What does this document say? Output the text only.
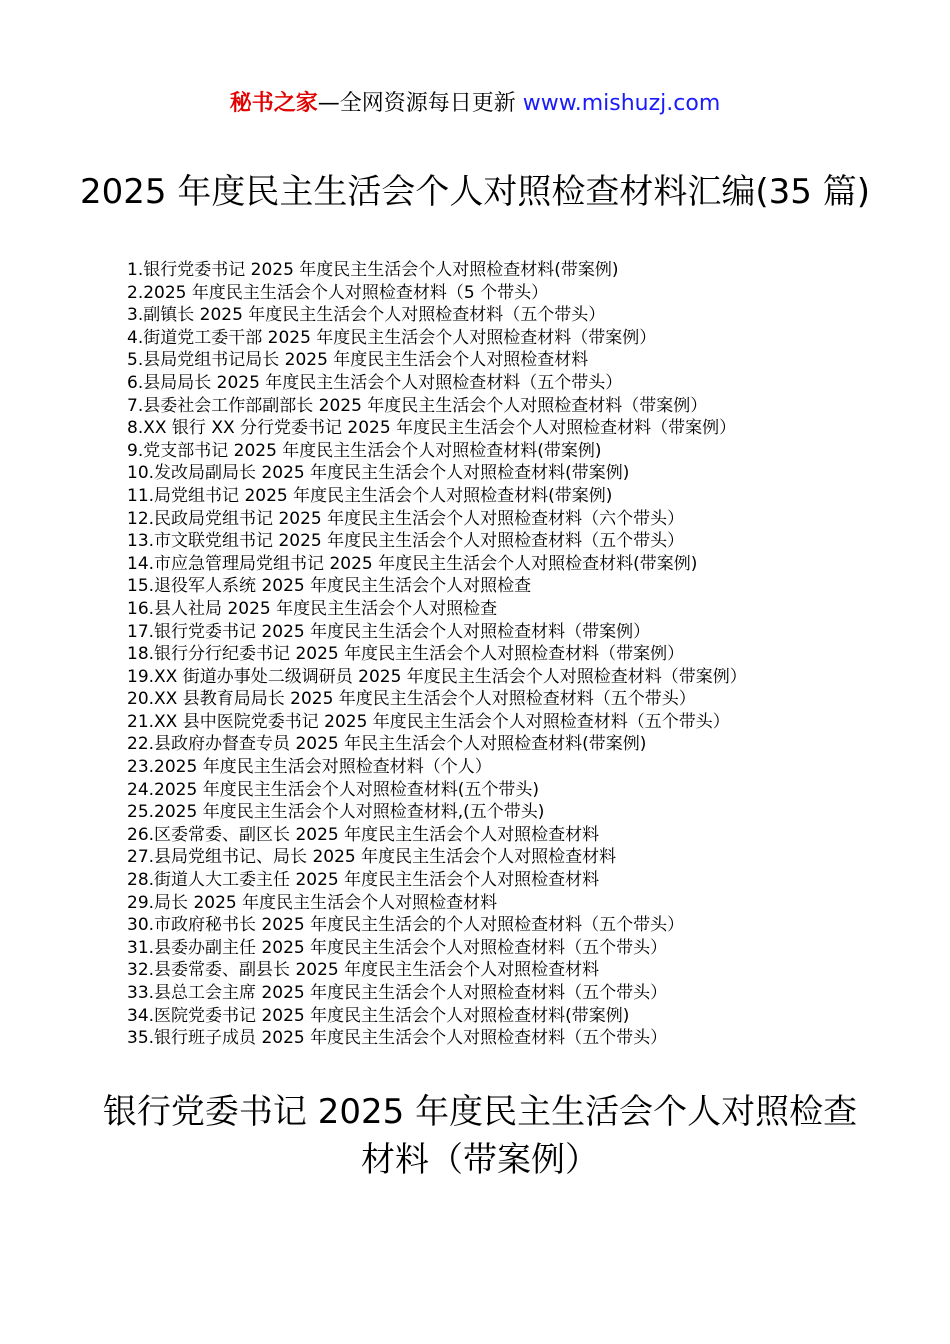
秘书之家—全网资源每日更新 www.mishuzj.com
2025 年度民主生活会个人对照检查材料汇编(35 篇)
1.银行党委书记 2025 年度民主生活会个人对照检查材料(带案例)
2.2025 年度民主生活会个人对照检查材料（5 个带头）
3.副镇长 2025 年度民主生活会个人对照检查材料（五个带头）
4.街道党工委干部 2025 年度民主生活会个人对照检查材料（带案例）
5.县局党组书记局长 2025 年度民主生活会个人对照检查材料
6.县局局长 2025 年度民主生活会个人对照检查材料（五个带头）
7.县委社会工作部副部长 2025 年度民主生活会个人对照检查材料（带案例）
8.XX 银行 XX 分行党委书记 2025 年度民主生活会个人对照检查材料（带案例）
9.党支部书记 2025 年度民主生活会个人对照检查材料(带案例)
10.发改局副局长 2025 年度民主生活会个人对照检查材料(带案例)
11.局党组书记 2025 年度民主生活会个人对照检查材料(带案例)
12.民政局党组书记 2025 年度民主生活会个人对照检查材料（六个带头）
13.市文联党组书记 2025 年度民主生活会个人对照检查材料（五个带头）
14.市应急管理局党组书记 2025 年度民主生活会个人对照检查材料(带案例)
15.退役军人系统 2025 年度民主生活会个人对照检查
16.县人社局 2025 年度民主生活会个人对照检查
17.银行党委书记 2025 年度民主生活会个人对照检查材料（带案例）
18.银行分行纪委书记 2025 年度民主生活会个人对照检查材料（带案例）
19.XX 街道办事处二级调研员 2025 年度民主生活会个人对照检查材料（带案例）
20.XX 县教育局局长 2025 年度民主生活会个人对照检查材料（五个带头）
21.XX 县中医院党委书记 2025 年度民主生活会个人对照检查材料（五个带头）
22.县政府办督查专员 2025 年民主生活会个人对照检查材料(带案例)
23.2025 年度民主生活会对照检查材料（个人）
24.2025 年度民主生活会个人对照检查材料(五个带头)
25.2025 年度民主生活会个人对照检查材料,(五个带头)
26.区委常委、副区长 2025 年度民主生活会个人对照检查材料
27.县局党组书记、局长 2025 年度民主生活会个人对照检查材料
28.街道人大工委主任 2025 年度民主生活会个人对照检查材料
29.局长 2025 年度民主生活会个人对照检查材料
30.市政府秘书长 2025 年度民主生活会的个人对照检查材料（五个带头）
31.县委办副主任 2025 年度民主生活会个人对照检查材料（五个带头）
32.县委常委、副县长 2025 年度民主生活会个人对照检查材料
33.县总工会主席 2025 年度民主生活会个人对照检查材料（五个带头）
34.医院党委书记 2025 年度民主生活会个人对照检查材料(带案例)
35.银行班子成员 2025 年度民主生活会个人对照检查材料（五个带头）
银行党委书记 2025 年度民主生活会个人对照检查材料（带案例）
